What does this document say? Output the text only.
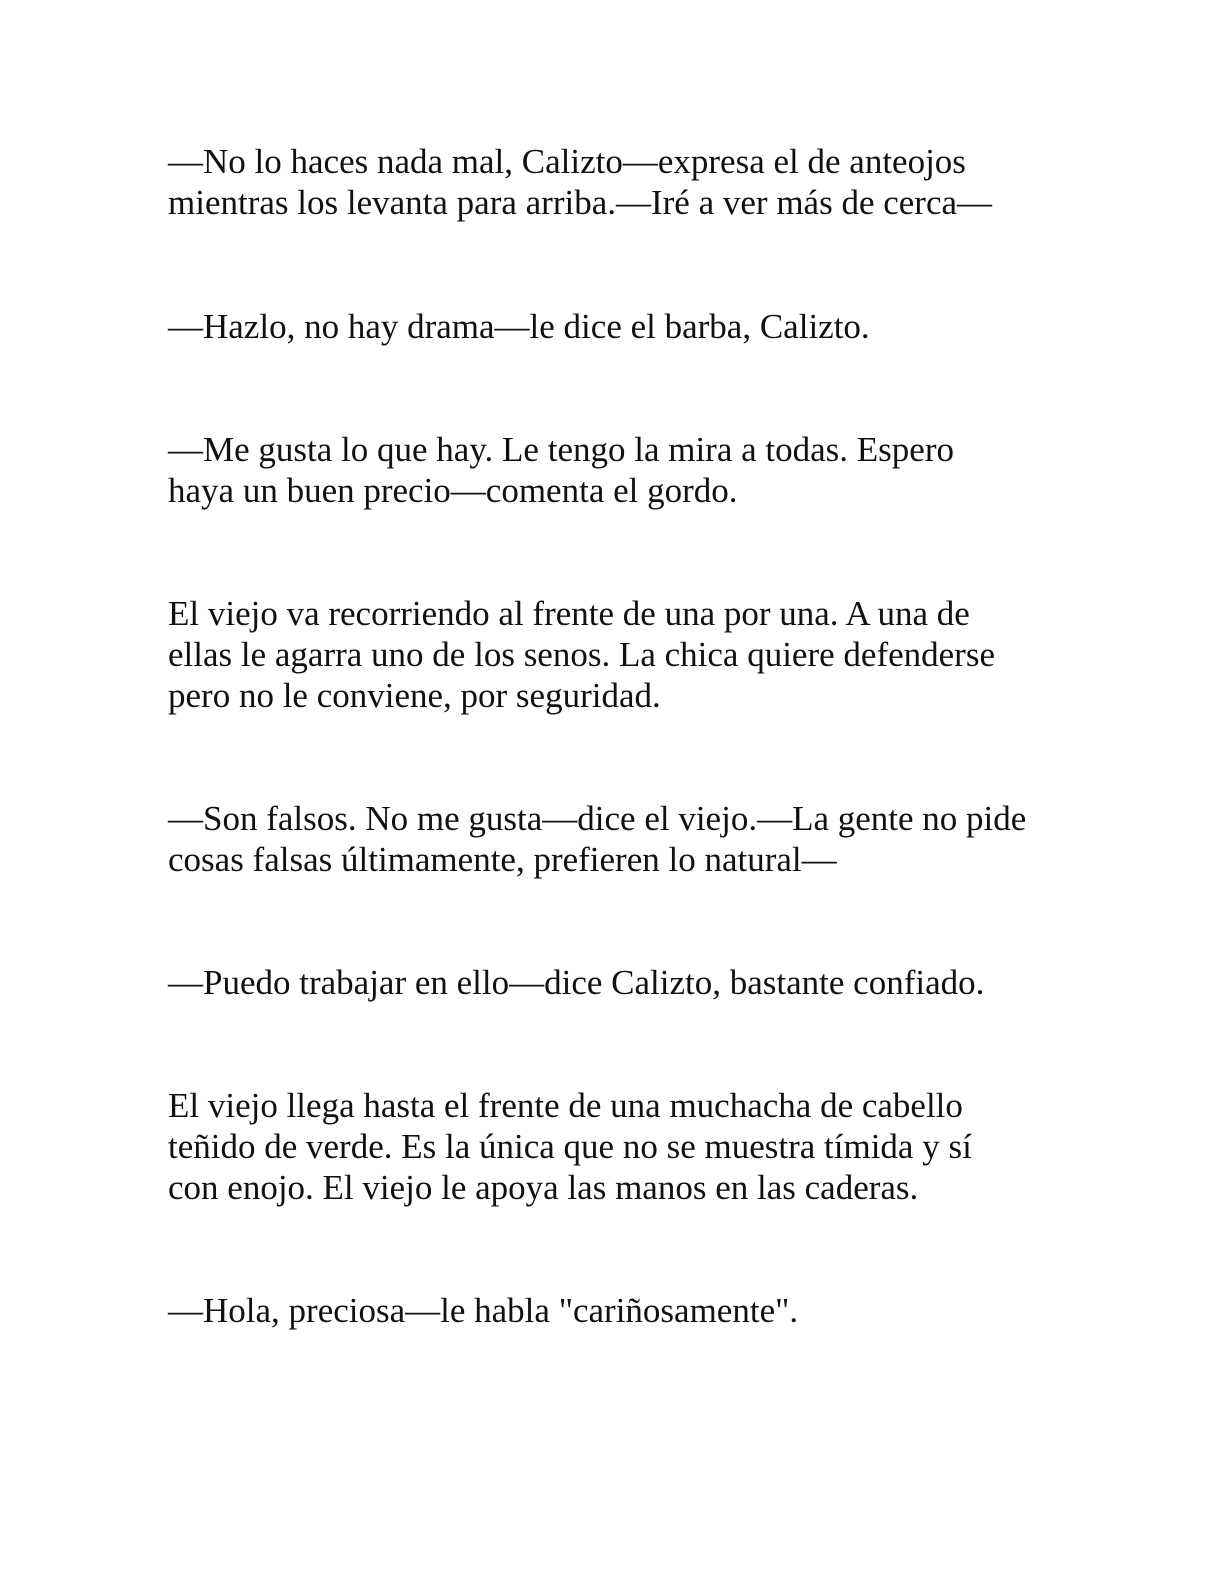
—No lo haces nada mal, Calizto—expresa el de anteojos
mientras los levanta para arriba.—Iré a ver más de cerca—

—Hazlo, no hay drama—le dice el barba, Calizto.

—Me gusta lo que hay. Le tengo la mira a todas. Espero
haya un buen precio—comenta el gordo.

El viejo va recorriendo al frente de una por una. A una de
ellas le agarra uno de los senos. La chica quiere defenderse
pero no le conviene, por seguridad.

—Son falsos. No me gusta—dice el viejo.—La gente no pide
cosas falsas últimamente, prefieren lo natural—

—Puedo trabajar en ello—dice Calizto, bastante confiado.

El viejo llega hasta el frente de una muchacha de cabello
teñido de verde. Es la única que no se muestra tímida y sí
con enojo. El viejo le apoya las manos en las caderas.

—Hola, preciosa—le habla "cariñosamente".
